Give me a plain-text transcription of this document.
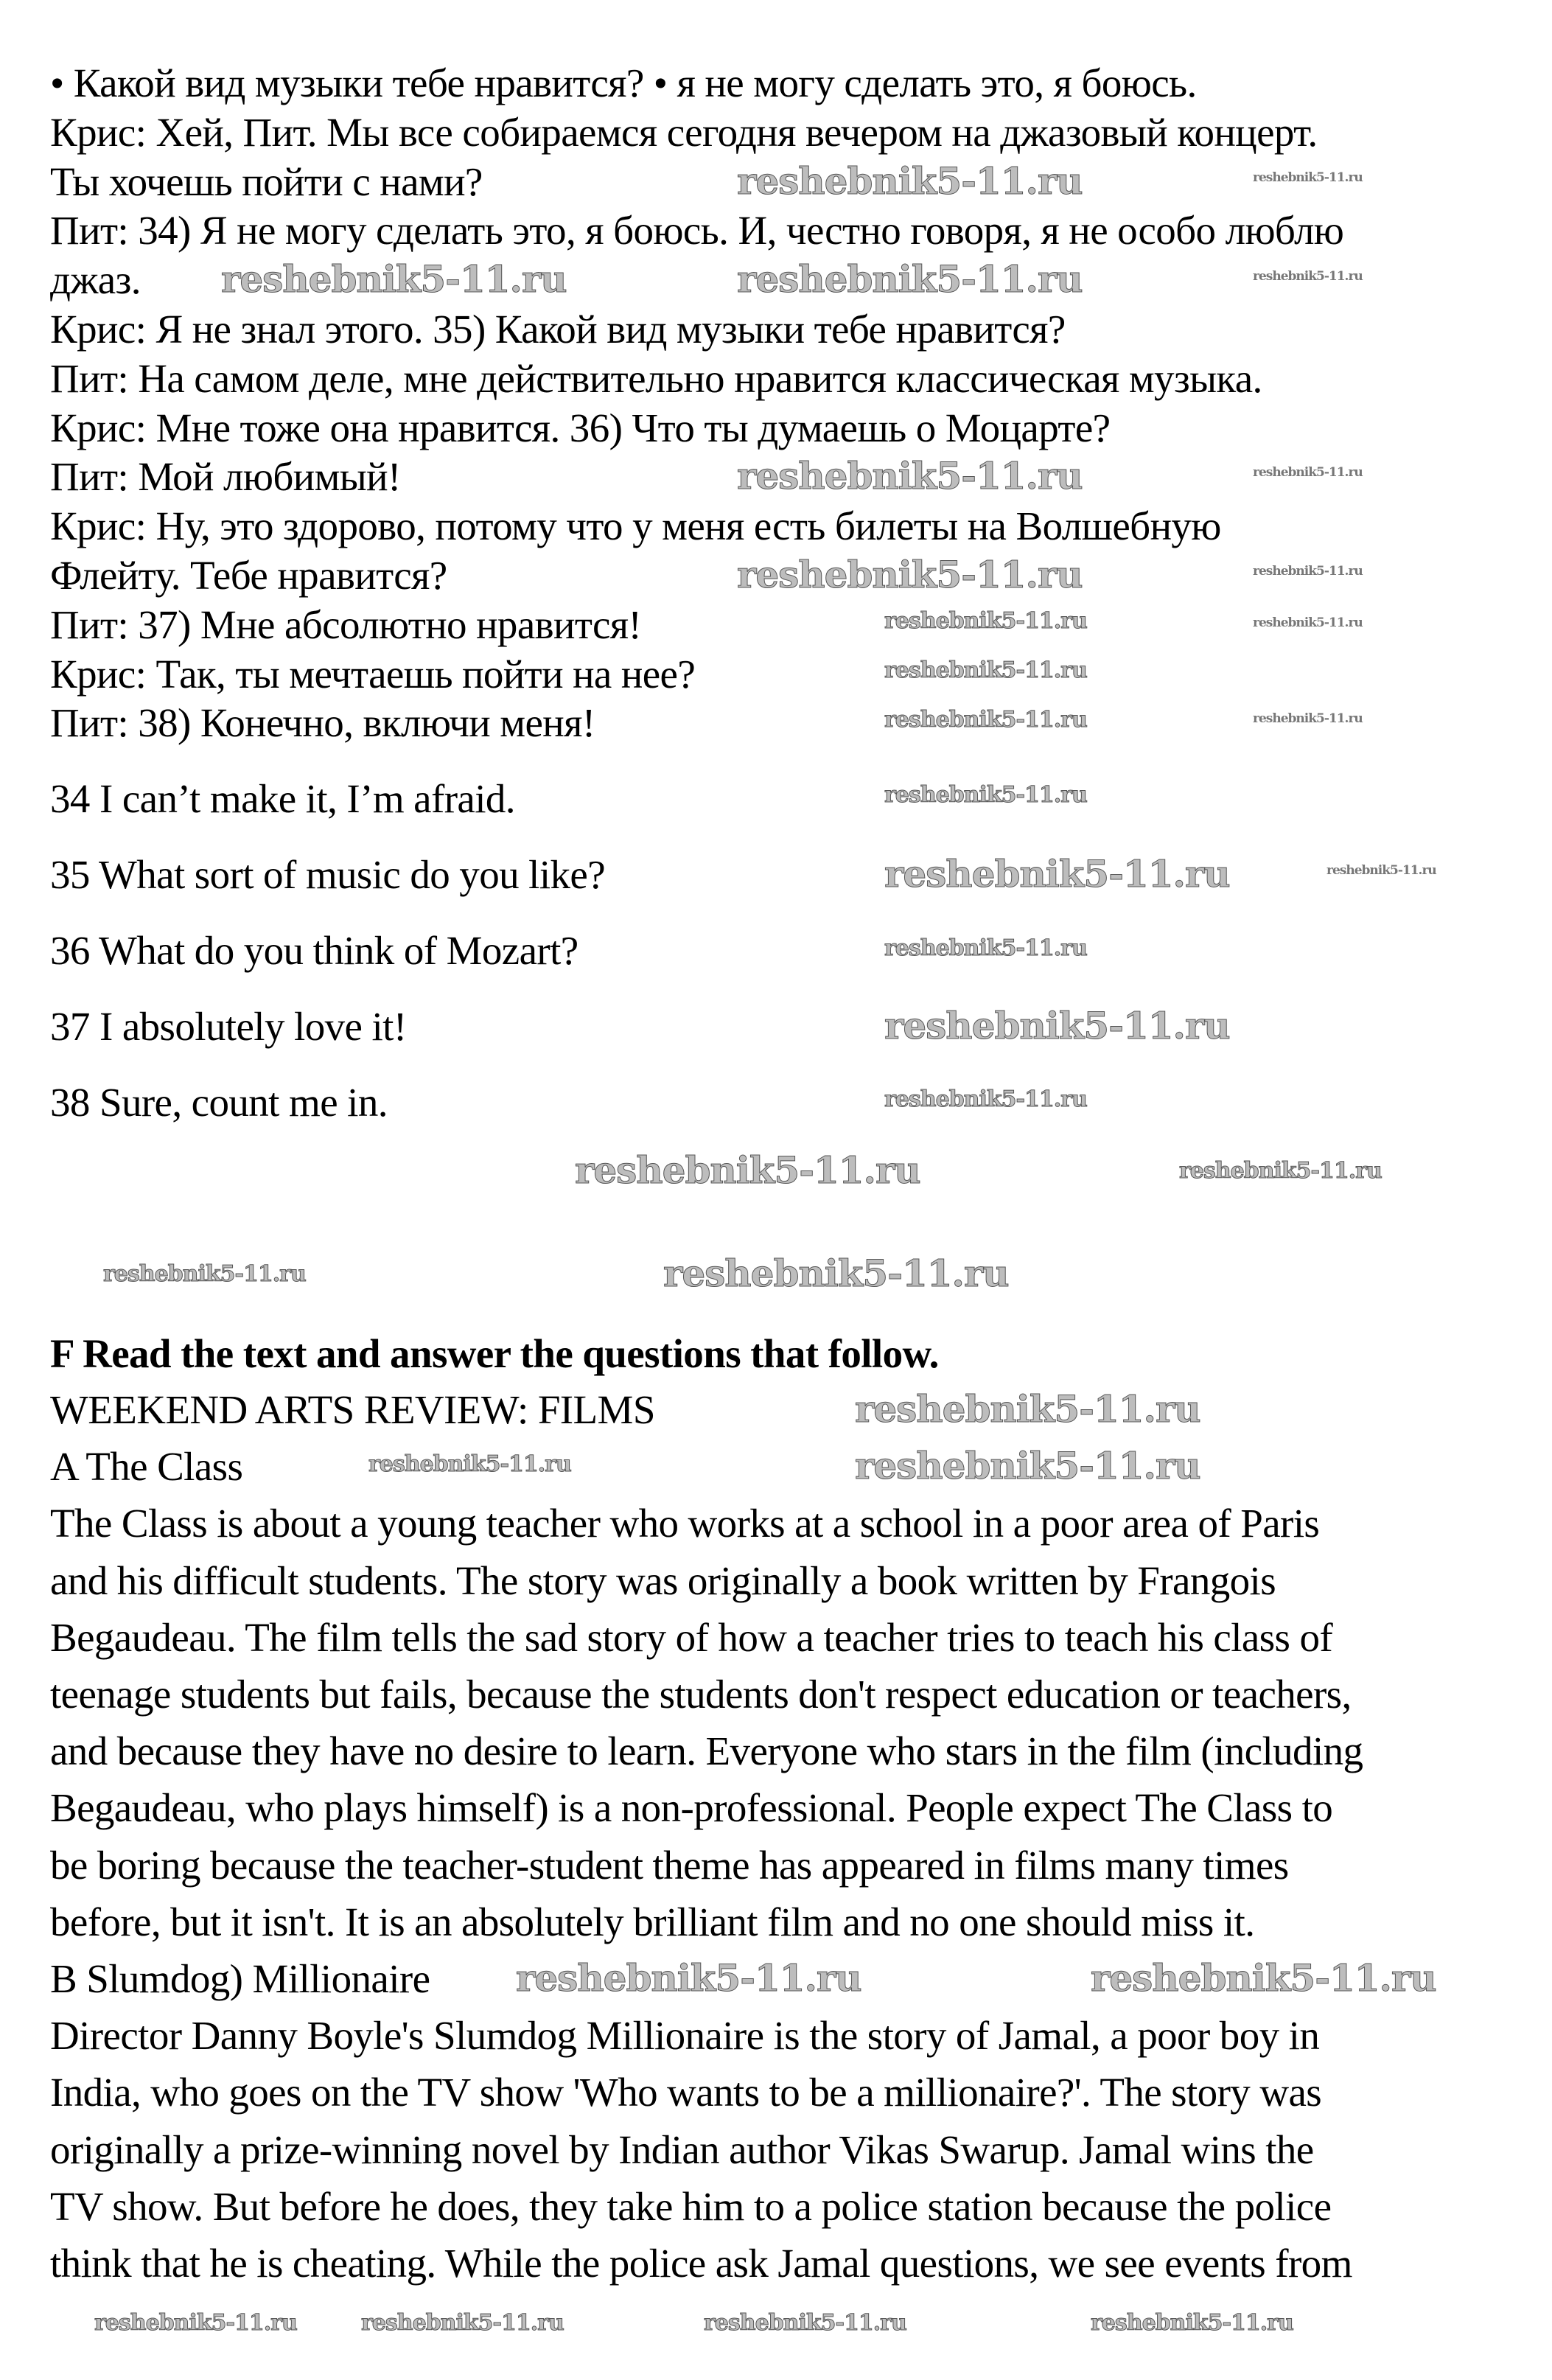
• Какой вид музыки тебе нравится? • я не могу сделать это, я боюсь.
Крис: Хей, Пит. Мы все собираемся сегодня вечером на джазовый концерт.
Ты хочешь пойти с нами?
Пит: 34) Я не могу сделать это, я боюсь. И, честно говоря, я не особо люблю
джаз.
Крис: Я не знал этого. 35) Какой вид музыки тебе нравится?
Пит: На самом деле, мне действительно нравится классическая музыка.
Крис: Мне тоже она нравится. 36) Что ты думаешь о Моцарте?
Пит: Мой любимый!
Крис: Ну, это здорово, потому что у меня есть билеты на Волшебную
Флейту. Тебе нравится?
Пит: 37) Мне абсолютно нравится!
Крис: Так, ты мечтаешь пойти на нее?
Пит: 38) Конечно, включи меня!
34 I can’t make it, I’m afraid.
35 What sort of music do you like?
36 What do you think of Mozart?
37 I absolutely love it!
38 Sure, count me in.
F Read the text and answer the questions that follow.
WEEKEND ARTS REVIEW: FILMS
A The Class
The Class is about a young teacher who works at a school in a poor area of Paris
and his difficult students. The story was originally a book written by Frangois
Begaudeau. The film tells the sad story of how a teacher tries to teach his class of
teenage students but fails, because the students don't respect education or teachers,
and because they have no desire to learn. Everyone who stars in the film (including
Begaudeau, who plays himself) is a non-professional. People expect The Class to
be boring because the teacher-student theme has appeared in films many times
before, but it isn't. It is an absolutely brilliant film and no one should miss it.
B Slumdog) Millionaire
Director Danny Boyle's Slumdog Millionaire is the story of Jamal, a poor boy in
India, who goes on the TV show 'Who wants to be a millionaire?'. The story was
originally a prize-winning novel by Indian author Vikas Swarup. Jamal wins the
TV show. But before he does, they take him to a police station because the police
think that he is cheating. While the police ask Jamal questions, we see events from
reshebnik5-11.ru	reshebnik5-11.ru
reshebnik5-11.ru	reshebnik5-11.ru	reshebnik5-11.ru
reshebnik5-11.ru	reshebnik5-11.ru
reshebnik5-11.ru	reshebnik5-11.ru
reshebnik5-11.ru	reshebnik5-11.ru
reshebnik5-11.ru
reshebnik5-11.ru	reshebnik5-11.ru
reshebnik5-11.ru
reshebnik5-11.ru	reshebnik5-11.ru
reshebnik5-11.ru
reshebnik5-11.ru
reshebnik5-11.ru
reshebnik5-11.ru	reshebnik5-11.ru
reshebnik5-11.ru	reshebnik5-11.ru
reshebnik5-11.ru
reshebnik5-11.ru	reshebnik5-11.ru
reshebnik5-11.ru	reshebnik5-11.ru
reshebnik5-11.ru	reshebnik5-11.ru	reshebnik5-11.ru	reshebnik5-11.ru
